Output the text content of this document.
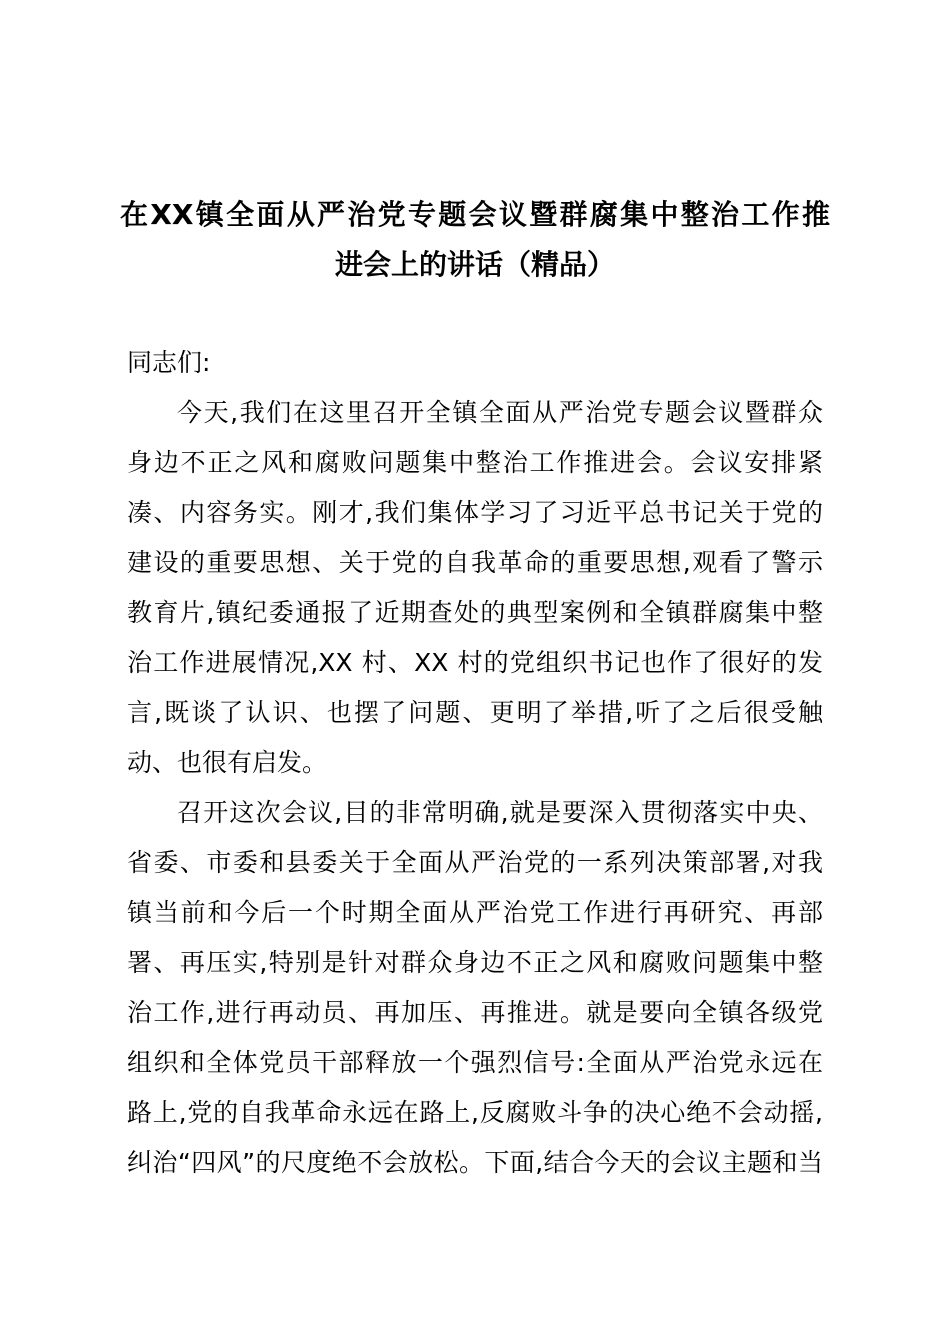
在XX镇全面从严治党专题会议暨群腐集中整治工作推
进会上的讲话（精品）
同志们:
今天,我们在这里召开全镇全面从严治党专题会议暨群众
身边不正之风和腐败问题集中整治工作推进会。会议安排紧
凑、内容务实。刚才,我们集体学习了习近平总书记关于党的
建设的重要思想、关于党的自我革命的重要思想,观看了警示
教育片,镇纪委通报了近期查处的典型案例和全镇群腐集中整
治工作进展情况,XX 村、XX 村的党组织书记也作了很好的发
言,既谈了认识、也摆了问题、更明了举措,听了之后很受触
动、也很有启发。
召开这次会议,目的非常明确,就是要深入贯彻落实中央、
省委、市委和县委关于全面从严治党的一系列决策部署,对我
镇当前和今后一个时期全面从严治党工作进行再研究、再部
署、再压实,特别是针对群众身边不正之风和腐败问题集中整
治工作,进行再动员、再加压、再推进。就是要向全镇各级党
组织和全体党员干部释放一个强烈信号:全面从严治党永远在
路上,党的自我革命永远在路上,反腐败斗争的决心绝不会动摇,
纠治“四风”的尺度绝不会放松。下面,结合今天的会议主题和当
